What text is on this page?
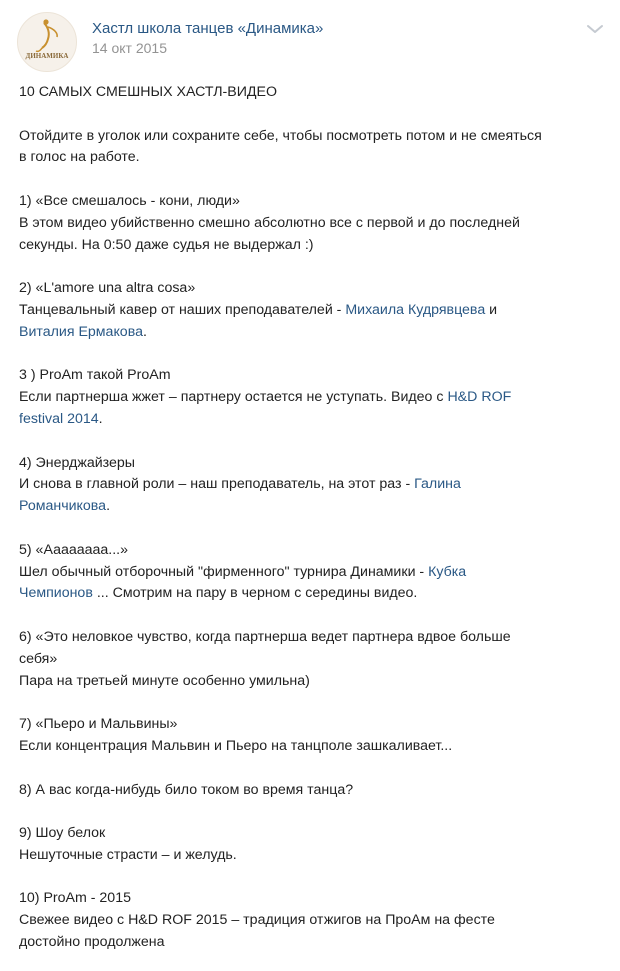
ДИНАМИКА
Хастл школа танцев «Динамика»
14 окт 2015
10 САМЫХ СМЕШНЫХ ХАСТЛ-ВИДЕО
Отойдите в уголок или сохраните себе, чтобы посмотреть потом и не смеяться
в голос на работе.
1) «Все смешалось - кони, люди»
В этом видео убийственно смешно абсолютно все с первой и до последней
секунды. На 0:50 даже судья не выдержал :)
2) «L'amore una altra cosa»
Танцевальный кавер от наших преподавателей - Михаила Кудрявцева и
Виталия Ермакова.
3 ) ProAm такой ProAm
Если партнерша жжет – партнеру остается не уступать. Видео с H&D ROF
festival 2014.
4) Энерджайзеры
И снова в главной роли – наш преподаватель, на этот раз - Галина
Романчикова.
5) «Аааааааа...»
Шел обычный отборочный "фирменного" турнира Динамики - Кубка
Чемпионов ... Смотрим на пару в черном с середины видео.
6) «Это неловкое чувство, когда партнерша ведет партнера вдвое больше
себя»
Пара на третьей минуте особенно умильна)
7) «Пьеро и Мальвины»
Если концентрация Мальвин и Пьеро на танцполе зашкаливает...
8) А вас когда-нибудь било током во время танца?
9) Шоу белок
Нешуточные страсти – и желудь.
10) ProAm - 2015
Свежее видео с H&D ROF 2015 – традиция отжигов на ПроАм на фесте
достойно продолжена
